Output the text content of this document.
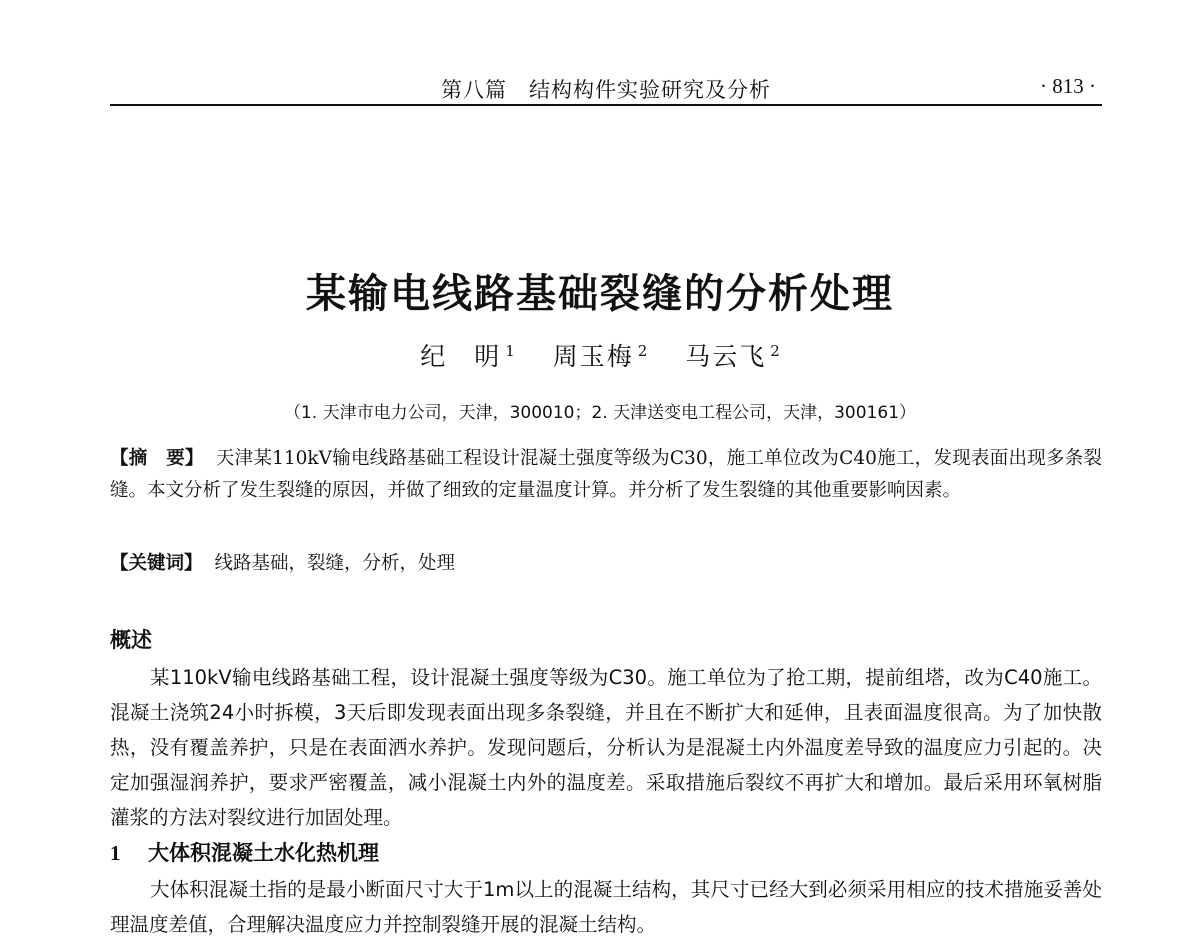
第八篇　结构构件实验研究及分析	· 813 ·
某输电线路基础裂缝的分析处理
纪　明 $^1$ 周玉梅 $^2$ 马云飞 $^2$
（1. 天津市电力公司，天津，300010；2. 天津送变电工程公司，天津，300161）
【摘　要】 天津某110kV输电线路基础工程设计混凝土强度等级为C30，施工单位改为C40施工，发现表面出现多条裂缝。本文分析了发生裂缝的原因，并做了细致的定量温度计算。并分析了发生裂缝的其他重要影响因素。
【关键词】 线路基础，裂缝，分析，处理
概述
某110kV输电线路基础工程，设计混凝土强度等级为C30。施工单位为了抢工期，提前组塔，改为C40施工。混凝土浇筑24小时拆模，3天后即发现表面出现多条裂缝，并且在不断扩大和延伸，且表面温度很高。为了加快散热，没有覆盖养护，只是在表面洒水养护。发现问题后，分析认为是混凝土内外温度差导致的温度应力引起的。决定加强湿润养护，要求严密覆盖，减小混凝土内外的温度差。采取措施后裂纹不再扩大和增加。最后采用环氧树脂灌浆的方法对裂纹进行加固处理。
1 大体积混凝土水化热机理
大体积混凝土指的是最小断面尺寸大于1m以上的混凝土结构，其尺寸已经大到必须采用相应的技术措施妥善处理温度差值，合理解决温度应力并控制裂缝开展的混凝土结构。
